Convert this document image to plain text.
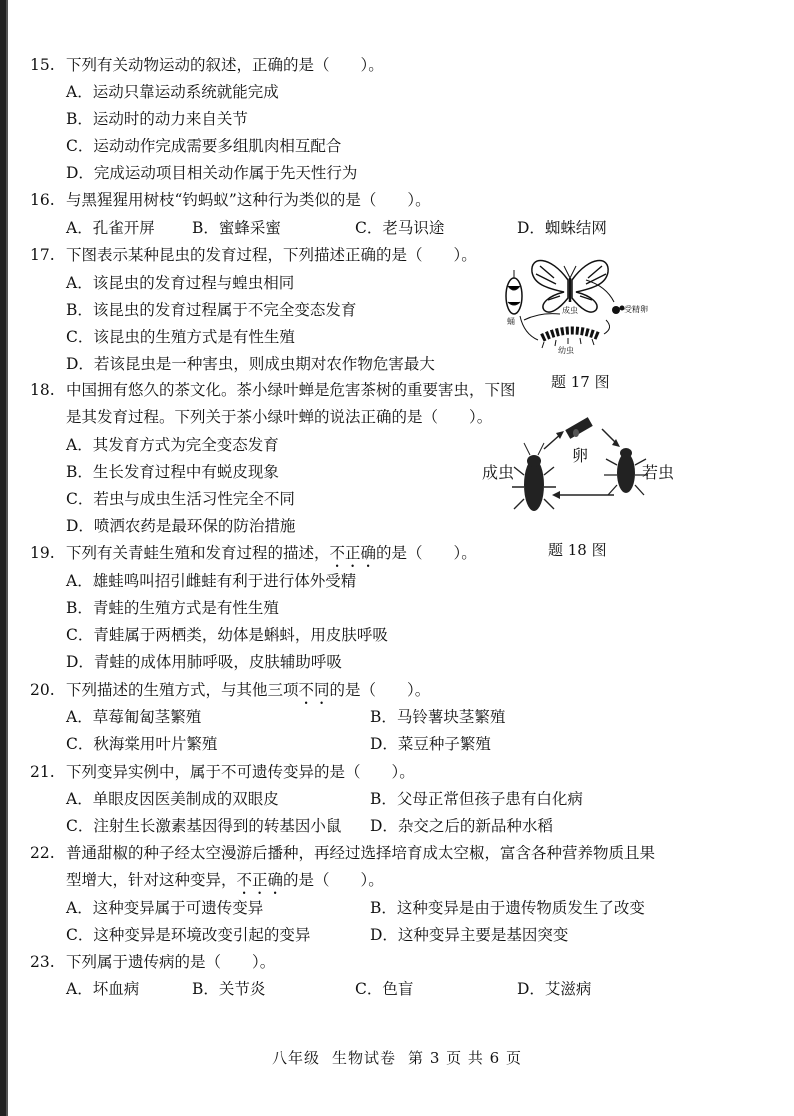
15. 下列有关动物运动的叙述，正确的是（　　）。
A．运动只靠运动系统就能完成
B．运动时的动力来自关节
C．运动动作完成需要多组肌肉相互配合
D．完成运动项目相关动作属于先天性行为
16. 与黑猩猩用树枝“钓蚂蚁”这种行为类似的是（　　）。
A．孔雀开屏 B．蜜蜂采蜜	C．老马识途	D．蜘蛛结网
17. 下图表示某种昆虫的发育过程，下列描述正确的是（　　）。
A．该昆虫的发育过程与蝗虫相同
B．该昆虫的发育过程属于不完全变态发育
C．该昆虫的生殖方式是有性生殖
D．若该昆虫是一种害虫，则成虫期对农作物危害最大
成虫	受精卵
幼虫
蛹
题 17 图
18. 中国拥有悠久的茶文化。茶小绿叶蝉是危害茶树的重要害虫，下图
是其发育过程。下列关于茶小绿叶蝉的说法正确的是（　　）。
A．其发育方式为完全变态发育
B．生长发育过程中有蜕皮现象
C．若虫与成虫生活习性完全不同
D．喷洒农药是最环保的防治措施
卵
成虫	若虫
题 18 图
19. 下列有关青蛙生殖和发育过程的描述，不正确的是（　　）。
A．雄蛙鸣叫招引雌蛙有利于进行体外受精
B．青蛙的生殖方式是有性生殖
C．青蛙属于两栖类，幼体是蝌蚪，用皮肤呼吸
D．青蛙的成体用肺呼吸，皮肤辅助呼吸
20. 下列描述的生殖方式，与其他三项不同的是（　　）。
A．草莓匍匐茎繁殖	B．马铃薯块茎繁殖
C．秋海棠用叶片繁殖	D．菜豆种子繁殖
21. 下列变异实例中，属于不可遗传变异的是（　　）。
A．单眼皮因医美制成的双眼皮	B．父母正常但孩子患有白化病
C．注射生长激素基因得到的转基因小鼠 D．杂交之后的新品种水稻
22. 普通甜椒的种子经太空漫游后播种，再经过选择培育成太空椒，富含各种营养物质且果
型增大，针对这种变异，不正确的是（　　）。
A．这种变异属于可遗传变异	B．这种变异是由于遗传物质发生了改变
C．这种变异是环境改变引起的变异	D．这种变异主要是基因突变
23. 下列属于遗传病的是（　　）。
A．坏血病	B．关节炎	C．色盲	D．艾滋病
八年级 生物试卷 第 3 页 共 6 页
